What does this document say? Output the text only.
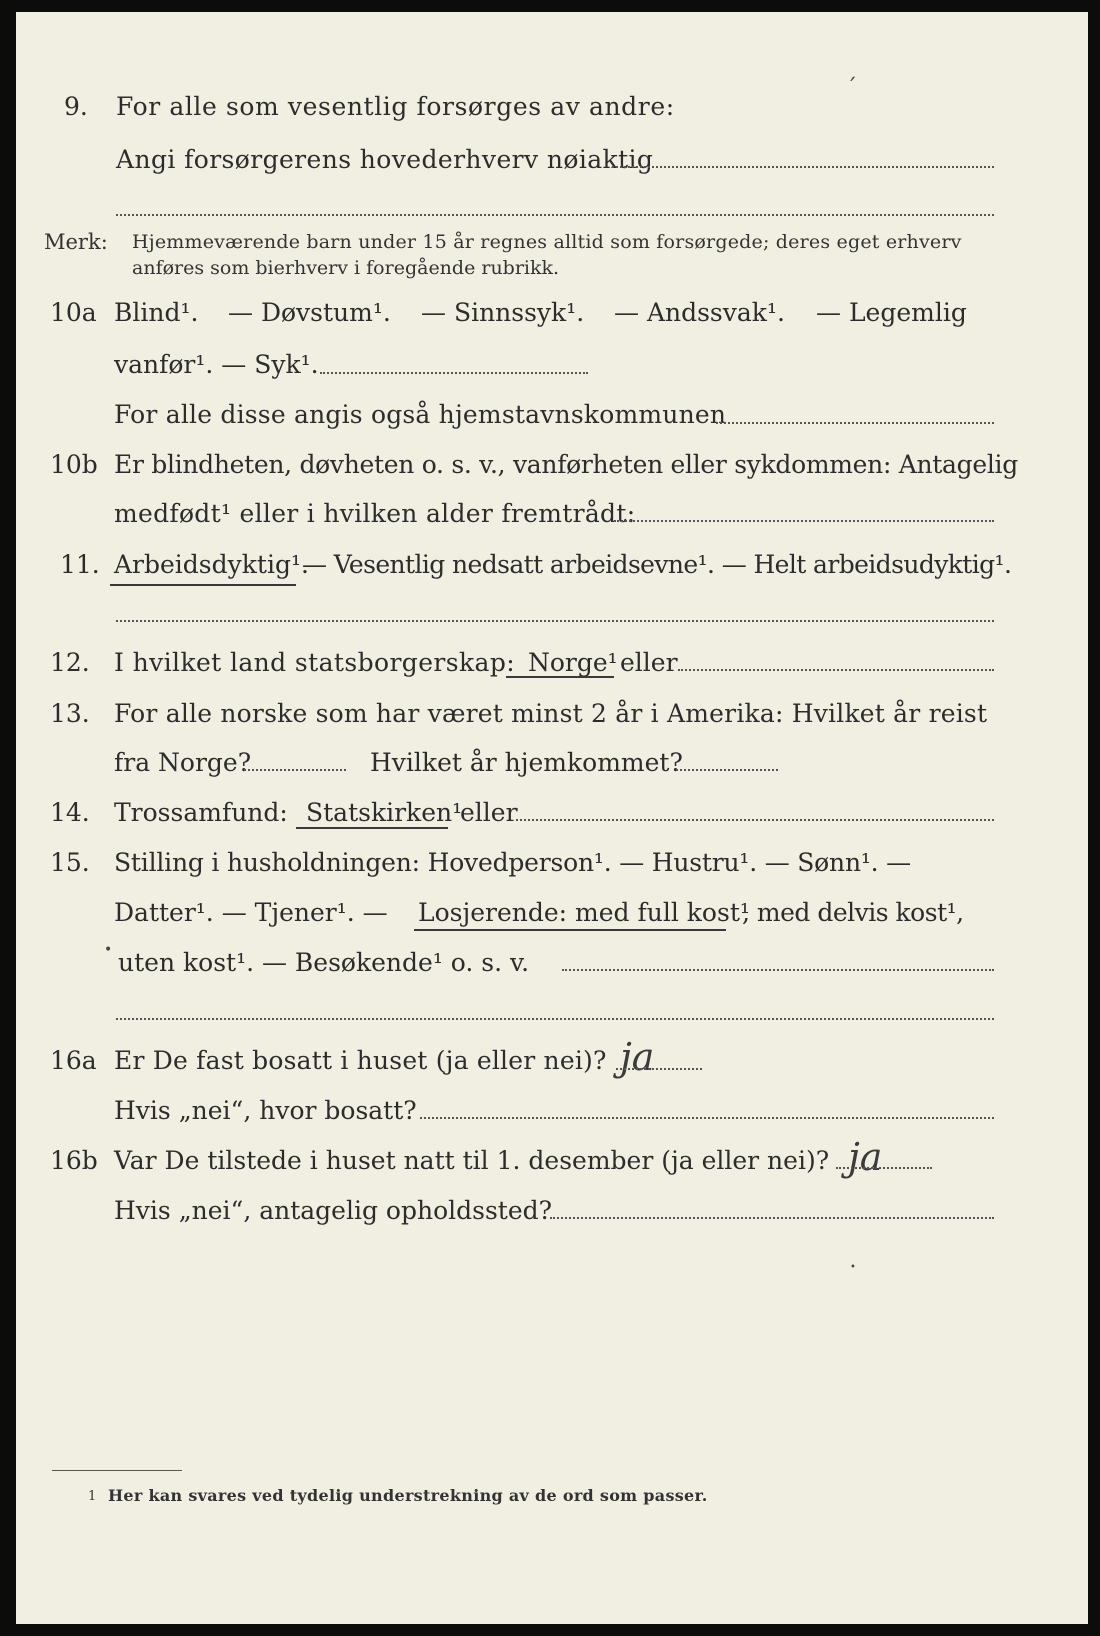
9. For alle som vesentlig forsørges av andre:
ˊ
Angi forsørgerens hovederhverv nøiaktig
Merk: Hjemmeværende barn under 15 år regnes alltid som forsørgede; deres eget erhverv
anføres som bierhverv i foregående rubrikk.
10a Blind¹. — Døvstum¹. — Sinnssyk¹. — Andssvak¹. — Legemlig
vanfør¹. — Syk¹.
For alle disse angis også hjemstavnskommunen
10b Er blindheten, døvheten o. s. v., vanførheten eller sykdommen: Antagelig
medfødt¹ eller i hvilken alder fremtrådt:
11. Arbeidsdyktig¹.
— Vesentlig nedsatt arbeidsevne¹. — Helt arbeidsudyktig¹.
12. I hvilket land statsborgerskap: Norge¹ eller
13. For alle norske som har været minst 2 år i Amerika: Hvilket år reist
fra Norge?	Hvilket år hjemkommet?
14. Trossamfund: Statskirken¹
eller
15. Stilling i husholdningen: Hovedperson¹. — Hustru¹. — Sønn¹. —
Datter¹. — Tjener¹. — Losjerende: med full kost¹
, med delvis kost¹,
• uten kost¹. — Besøkende¹ o. s. v.
16a Er De fast bosatt i huset (ja eller nei)? ja
Hvis „nei“, hvor bosatt?
16b Var De tilstede i huset natt til 1. desember (ja eller nei)? ja
Hvis „nei“, antagelig opholdssted?
•
1 Her kan svares ved tydelig understrekning av de ord som passer.
